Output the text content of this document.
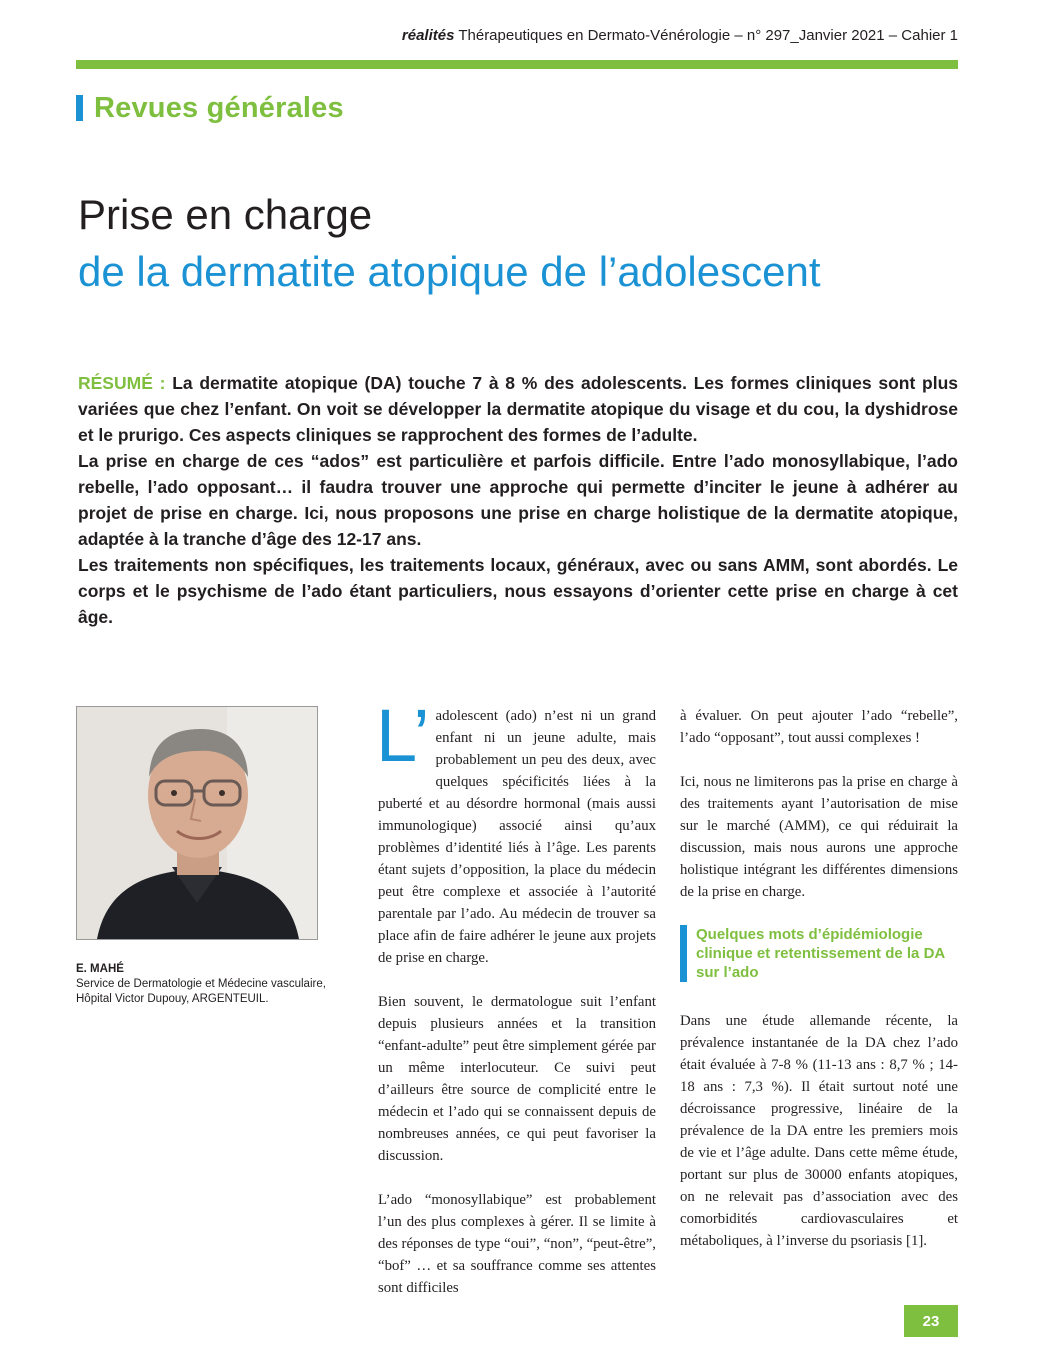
réalités Thérapeutiques en Dermato-Vénérologie – n° 297_Janvier 2021 – Cahier 1
Revues générales
Prise en charge
de la dermatite atopique de l’adolescent

RÉSUMÉ : La dermatite atopique (DA) touche 7 à 8 % des adolescents. Les formes cliniques sont plus variées que chez l’enfant. On voit se développer la dermatite atopique du visage et du cou, la dyshidrose et le prurigo. Ces aspects cliniques se rapprochent des formes de l’adulte.

La prise en charge de ces “ados” est particulière et parfois difficile. Entre l’ado monosyllabique, l’ado rebelle, l’ado opposant… il faudra trouver une approche qui permette d’inciter le jeune à adhérer au projet de prise en charge. Ici, nous proposons une prise en charge holistique de la dermatite atopique, adaptée à la tranche d’âge des 12-17 ans.

Les traitements non spécifiques, les traitements locaux, généraux, avec ou sans AMM, sont abordés. Le corps et le psychisme de l’ado étant particuliers, nous essayons d’orienter cette prise en charge à cet âge.

E. MAHÉ
Service de Dermatologie et Médecine vasculaire,
Hôpital Victor Dupouy, ARGENTEUIL.

L’ adolescent (ado) n’est ni un grand enfant ni un jeune adulte, mais probablement un peu des deux, avec quelques spécificités liées à la puberté et au désordre hormonal (mais aussi immunologique) associé ainsi qu’aux problèmes d’identité liés à l’âge. Les parents étant sujets d’opposition, la place du médecin peut être complexe et associée à l’autorité parentale par l’ado. Au médecin de trouver sa place afin de faire adhérer le jeune aux projets de prise en charge.

Bien souvent, le dermatologue suit l’enfant depuis plusieurs années et la transition “enfant-adulte” peut être simplement gérée par un même interlocuteur. Ce suivi peut d’ailleurs être source de complicité entre le médecin et l’ado qui se connaissent depuis de nombreuses années, ce qui peut favoriser la discussion.

L’ado “monosyllabique” est probablement l’un des plus complexes à gérer. Il se limite à des réponses de type “oui”, “non”, “peut-être”, “bof” … et sa souffrance comme ses attentes sont difficiles

à évaluer. On peut ajouter l’ado “rebelle”, l’ado “opposant”, tout aussi complexes !

Ici, nous ne limiterons pas la prise en charge à des traitements ayant l’autorisation de mise sur le marché (AMM), ce qui réduirait la discussion, mais nous aurons une approche holistique intégrant les différentes dimensions de la prise en charge.

Quelques mots d’épidémiologie clinique et retentissement de la DA sur l’ado

Dans une étude allemande récente, la prévalence instantanée de la DA chez l’ado était évaluée à 7-8 % (11-13 ans : 8,7 % ; 14-18 ans : 7,3 %). Il était surtout noté une décroissance progressive, linéaire de la prévalence de la DA entre les premiers mois de vie et l’âge adulte. Dans cette même étude, portant sur plus de 30000 enfants atopiques, on ne relevait pas d’association avec des comorbidités cardiovasculaires et métaboliques, à l’inverse du psoriasis [1].

23
